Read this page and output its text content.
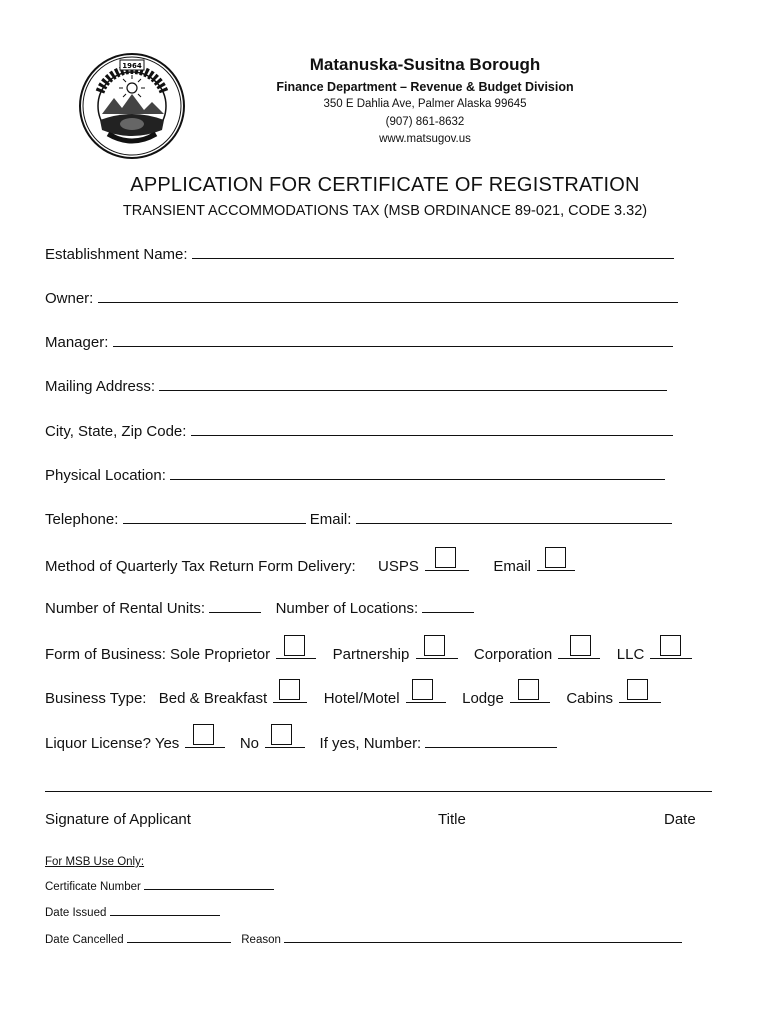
1964	Matanuska-Susitna Borough
Finance Department – Revenue & Budget Division
350 E Dahlia Ave, Palmer Alaska 99645
(907) 861-8632
www.matsugov.us
APPLICATION FOR CERTIFICATE OF REGISTRATION
TRANSIENT ACCOMMODATIONS TAX (MSB ORDINANCE 89-021, CODE 3.32)
Establishment Name:
Owner:
Manager:
Mailing Address:
City, State, Zip Code:
Physical Location:
Telephone:	Email:
Method of Quarterly Tax Return Form Delivery: USPS	Email
Number of Rental Units:	Number of Locations:
Form of Business: Sole Proprietor	Partnership	Corporation	LLC
Business Type: Bed & Breakfast	Hotel/Motel	Lodge	Cabins
Liquor License? Yes	No	If yes, Number:
Signature of Applicant	Title	Date
For MSB Use Only:
Certificate Number
Date Issued
Date Cancelled	Reason
